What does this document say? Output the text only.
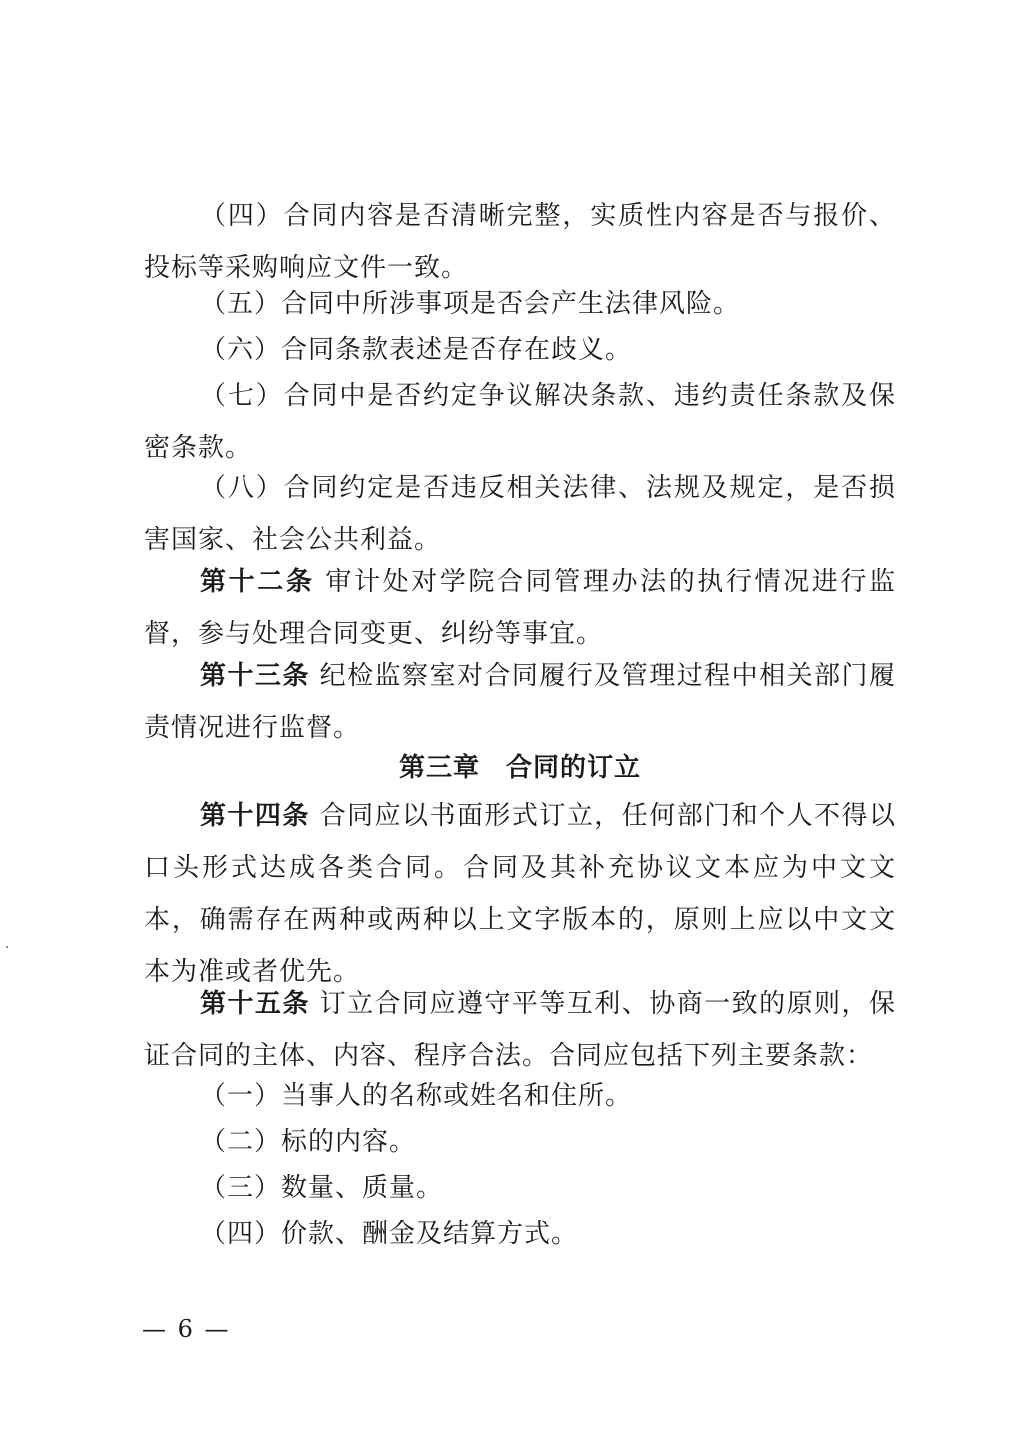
（四）合同内容是否清晰完整，实质性内容是否与报价、投标等采购响应文件一致。

（五）合同中所涉事项是否会产生法律风险。

（六）合同条款表述是否存在歧义。

（七）合同中是否约定争议解决条款、违约责任条款及保密条款。

（八）合同约定是否违反相关法律、法规及规定，是否损害国家、社会公共利益。

第十二条 审计处对学院合同管理办法的执行情况进行监督，参与处理合同变更、纠纷等事宜。

第十三条 纪检监察室对合同履行及管理过程中相关部门履责情况进行监督。

第三章 合同的订立

第十四条 合同应以书面形式订立，任何部门和个人不得以口头形式达成各类合同。合同及其补充协议文本应为中文文本，确需存在两种或两种以上文字版本的，原则上应以中文文本为准或者优先。

第十五条 订立合同应遵守平等互利、协商一致的原则，保证合同的主体、内容、程序合法。合同应包括下列主要条款：

（一）当事人的名称或姓名和住所。

（二）标的内容。

（三）数量、质量。

（四）价款、酬金及结算方式。

— 6 —
